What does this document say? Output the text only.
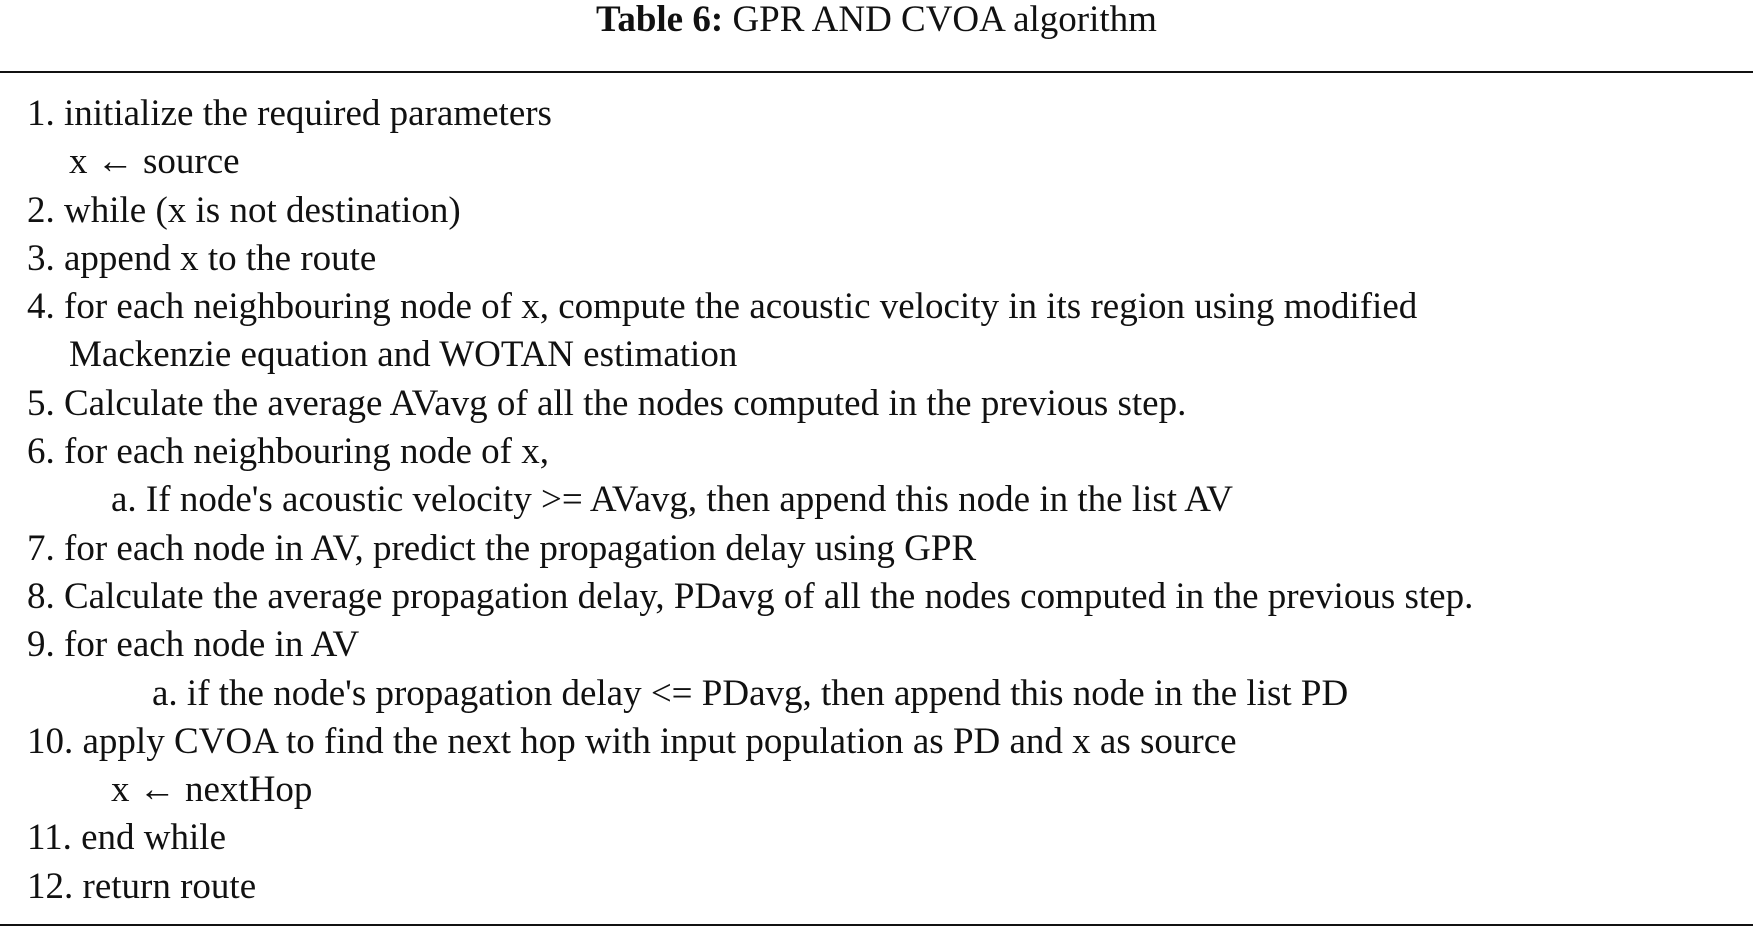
Table 6: GPR AND CVOA algorithm
1. initialize the required parameters
x ← source
2. while (x is not destination)
3. append x to the route
4. for each neighbouring node of x, compute the acoustic velocity in its region using modified
Mackenzie equation and WOTAN estimation
5. Calculate the average AVavg of all the nodes computed in the previous step.
6. for each neighbouring node of x,
a. If node's acoustic velocity >= AVavg, then append this node in the list AV
7. for each node in AV, predict the propagation delay using GPR
8. Calculate the average propagation delay, PDavg of all the nodes computed in the previous step.
9. for each node in AV
a. if the node's propagation delay <= PDavg, then append this node in the list PD
10. apply CVOA to find the next hop with input population as PD and x as source
x ← nextHop
11. end while
12. return route
